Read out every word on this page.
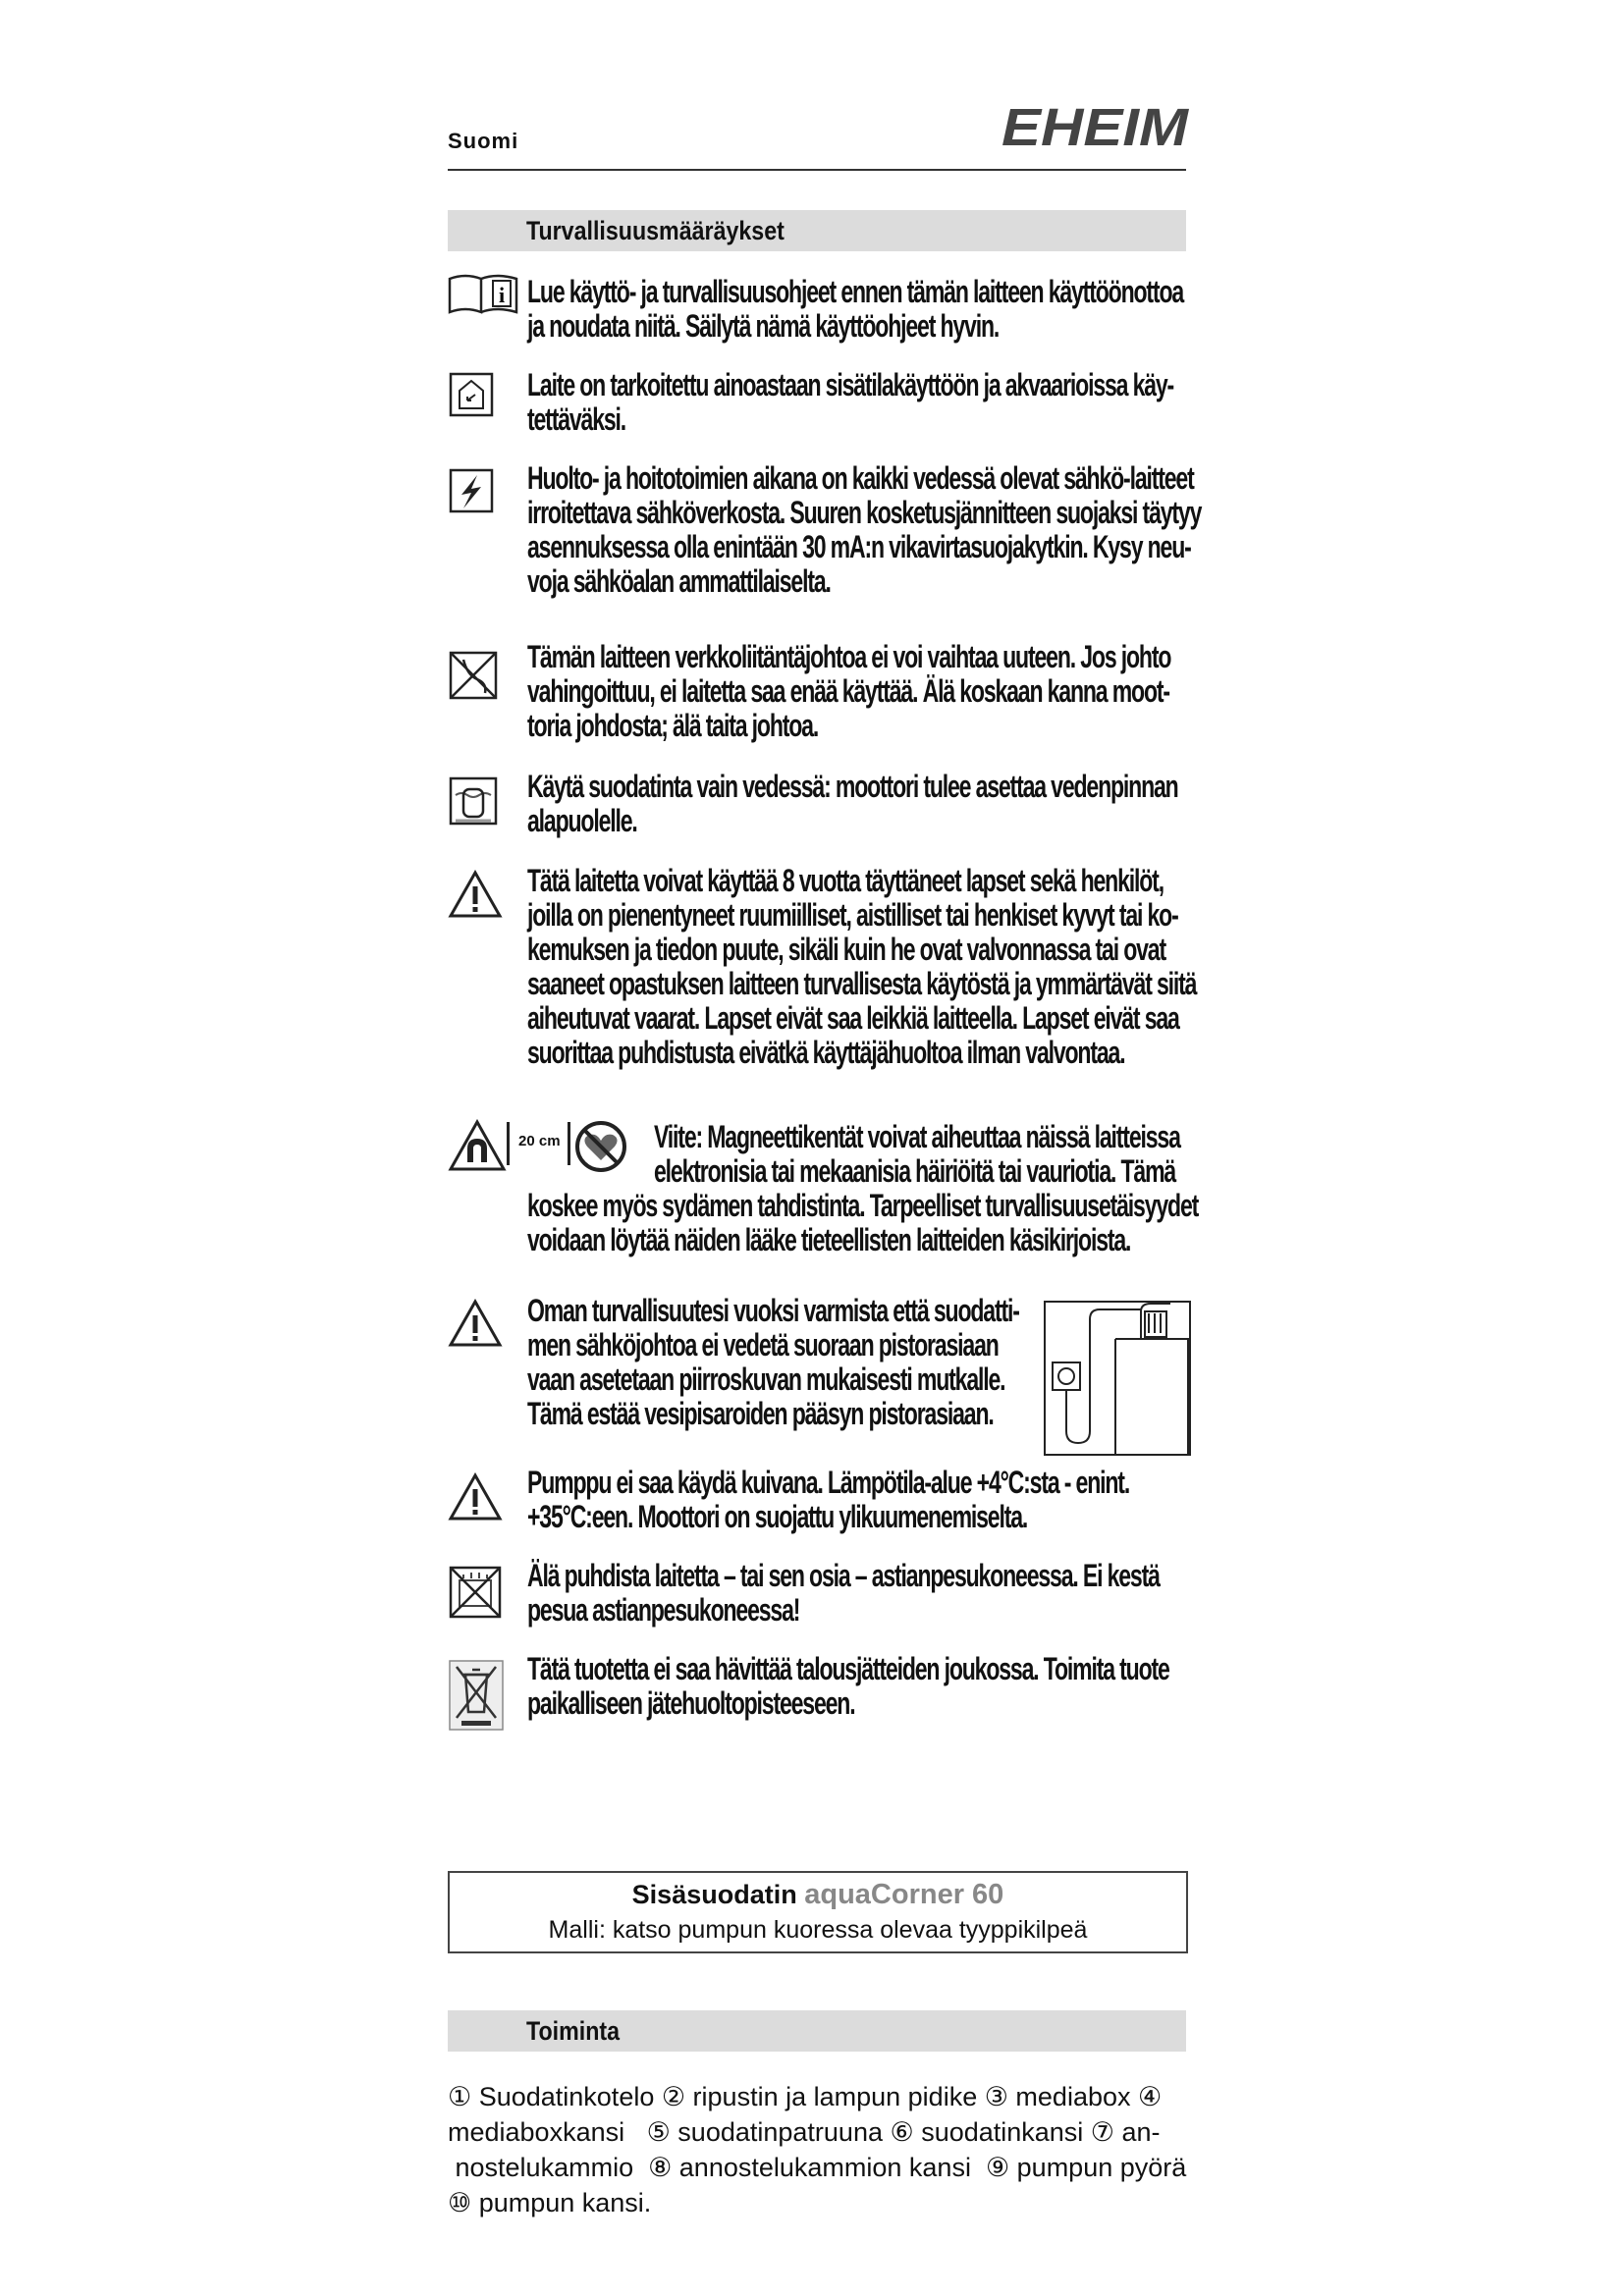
Suomi	EHEIM
Turvallisuusmääräykset
i Lue käyttö- ja turvallisuusohjeet ennen tämän laitteen käyttöönottoa
ja noudata niitä. Säilytä nämä käyttöohjeet hyvin.
Laite on tarkoitettu ainoastaan sisätilakäyttöön ja akvaarioissa käy-
tettäväksi.
Huolto- ja hoitotoimien aikana on kaikki vedessä olevat sähkö-laitteet
irroitettava sähköverkosta. Suuren kosketusjännitteen suojaksi täytyy
asennuksessa olla enintään 30 mA:n vikavirtasuojakytkin. Kysy neu-
voja sähköalan ammattilaiselta.
Tämän laitteen verkkoliitäntäjohtoa ei voi vaihtaa uuteen. Jos johto
vahingoittuu, ei laitetta saa enää käyttää. Älä koskaan kanna moot-
toria johdosta; älä taita johtoa.
Käytä suodatinta vain vedessä: moottori tulee asettaa vedenpinnan
alapuolelle.
Tätä laitetta voivat käyttää 8 vuotta täyttäneet lapset sekä henkilöt,
joilla on pienentyneet ruumiilliset, aistilliset tai henkiset kyvyt tai ko-
kemuksen ja tiedon puute, sikäli kuin he ovat valvonnassa tai ovat
saaneet opastuksen laitteen turvallisesta käytöstä ja ymmärtävät siitä
aiheutuvat vaarat. Lapset eivät saa leikkiä laitteella. Lapset eivät saa
suorittaa puhdistusta eivätkä käyttäjähuoltoa ilman valvontaa.
20 cm	Viite: Magneettikentät voivat aiheuttaa näissä laitteissa
elektronisia tai mekaanisia häiriöitä tai vauriotia. Tämä
koskee myös sydämen tahdistinta. Tarpeelliset turvallisuusetäisyydet
voidaan löytää näiden lääke tieteellisten laitteiden käsikirjoista.
Oman turvallisuutesi vuoksi varmista että suodatti-
men sähköjohtoa ei vedetä suoraan pistorasiaan
vaan asetetaan piirroskuvan mukaisesti mutkalle.
Tämä estää vesipisaroiden pääsyn pistorasiaan.
Pumppu ei saa käydä kuivana. Lämpötila-alue +4°C:sta - enint.
+35°C:een. Moottori on suojattu ylikuumenemiselta.
Älä puhdista laitetta – tai sen osia – astianpesukoneessa. Ei kestä
pesua astianpesukoneessa!
Tätä tuotetta ei saa hävittää talousjätteiden joukossa. Toimita tuote
paikalliseen jätehuoltopisteeseen.
Sisäsuodatin aquaCorner 60
Malli: katso pumpun kuoressa olevaa tyyppikilpeä
Toiminta

① Suodatinkotelo ② ripustin ja lampun pidike ③ mediabox ④

mediaboxkansi   ⑤ suodatinpatruuna ⑥ suodatinkansi ⑦ an-

nostelukammio  ⑧ annostelukammion kansi  ⑨ pumpun pyörä

⑩ pumpun kansi.
